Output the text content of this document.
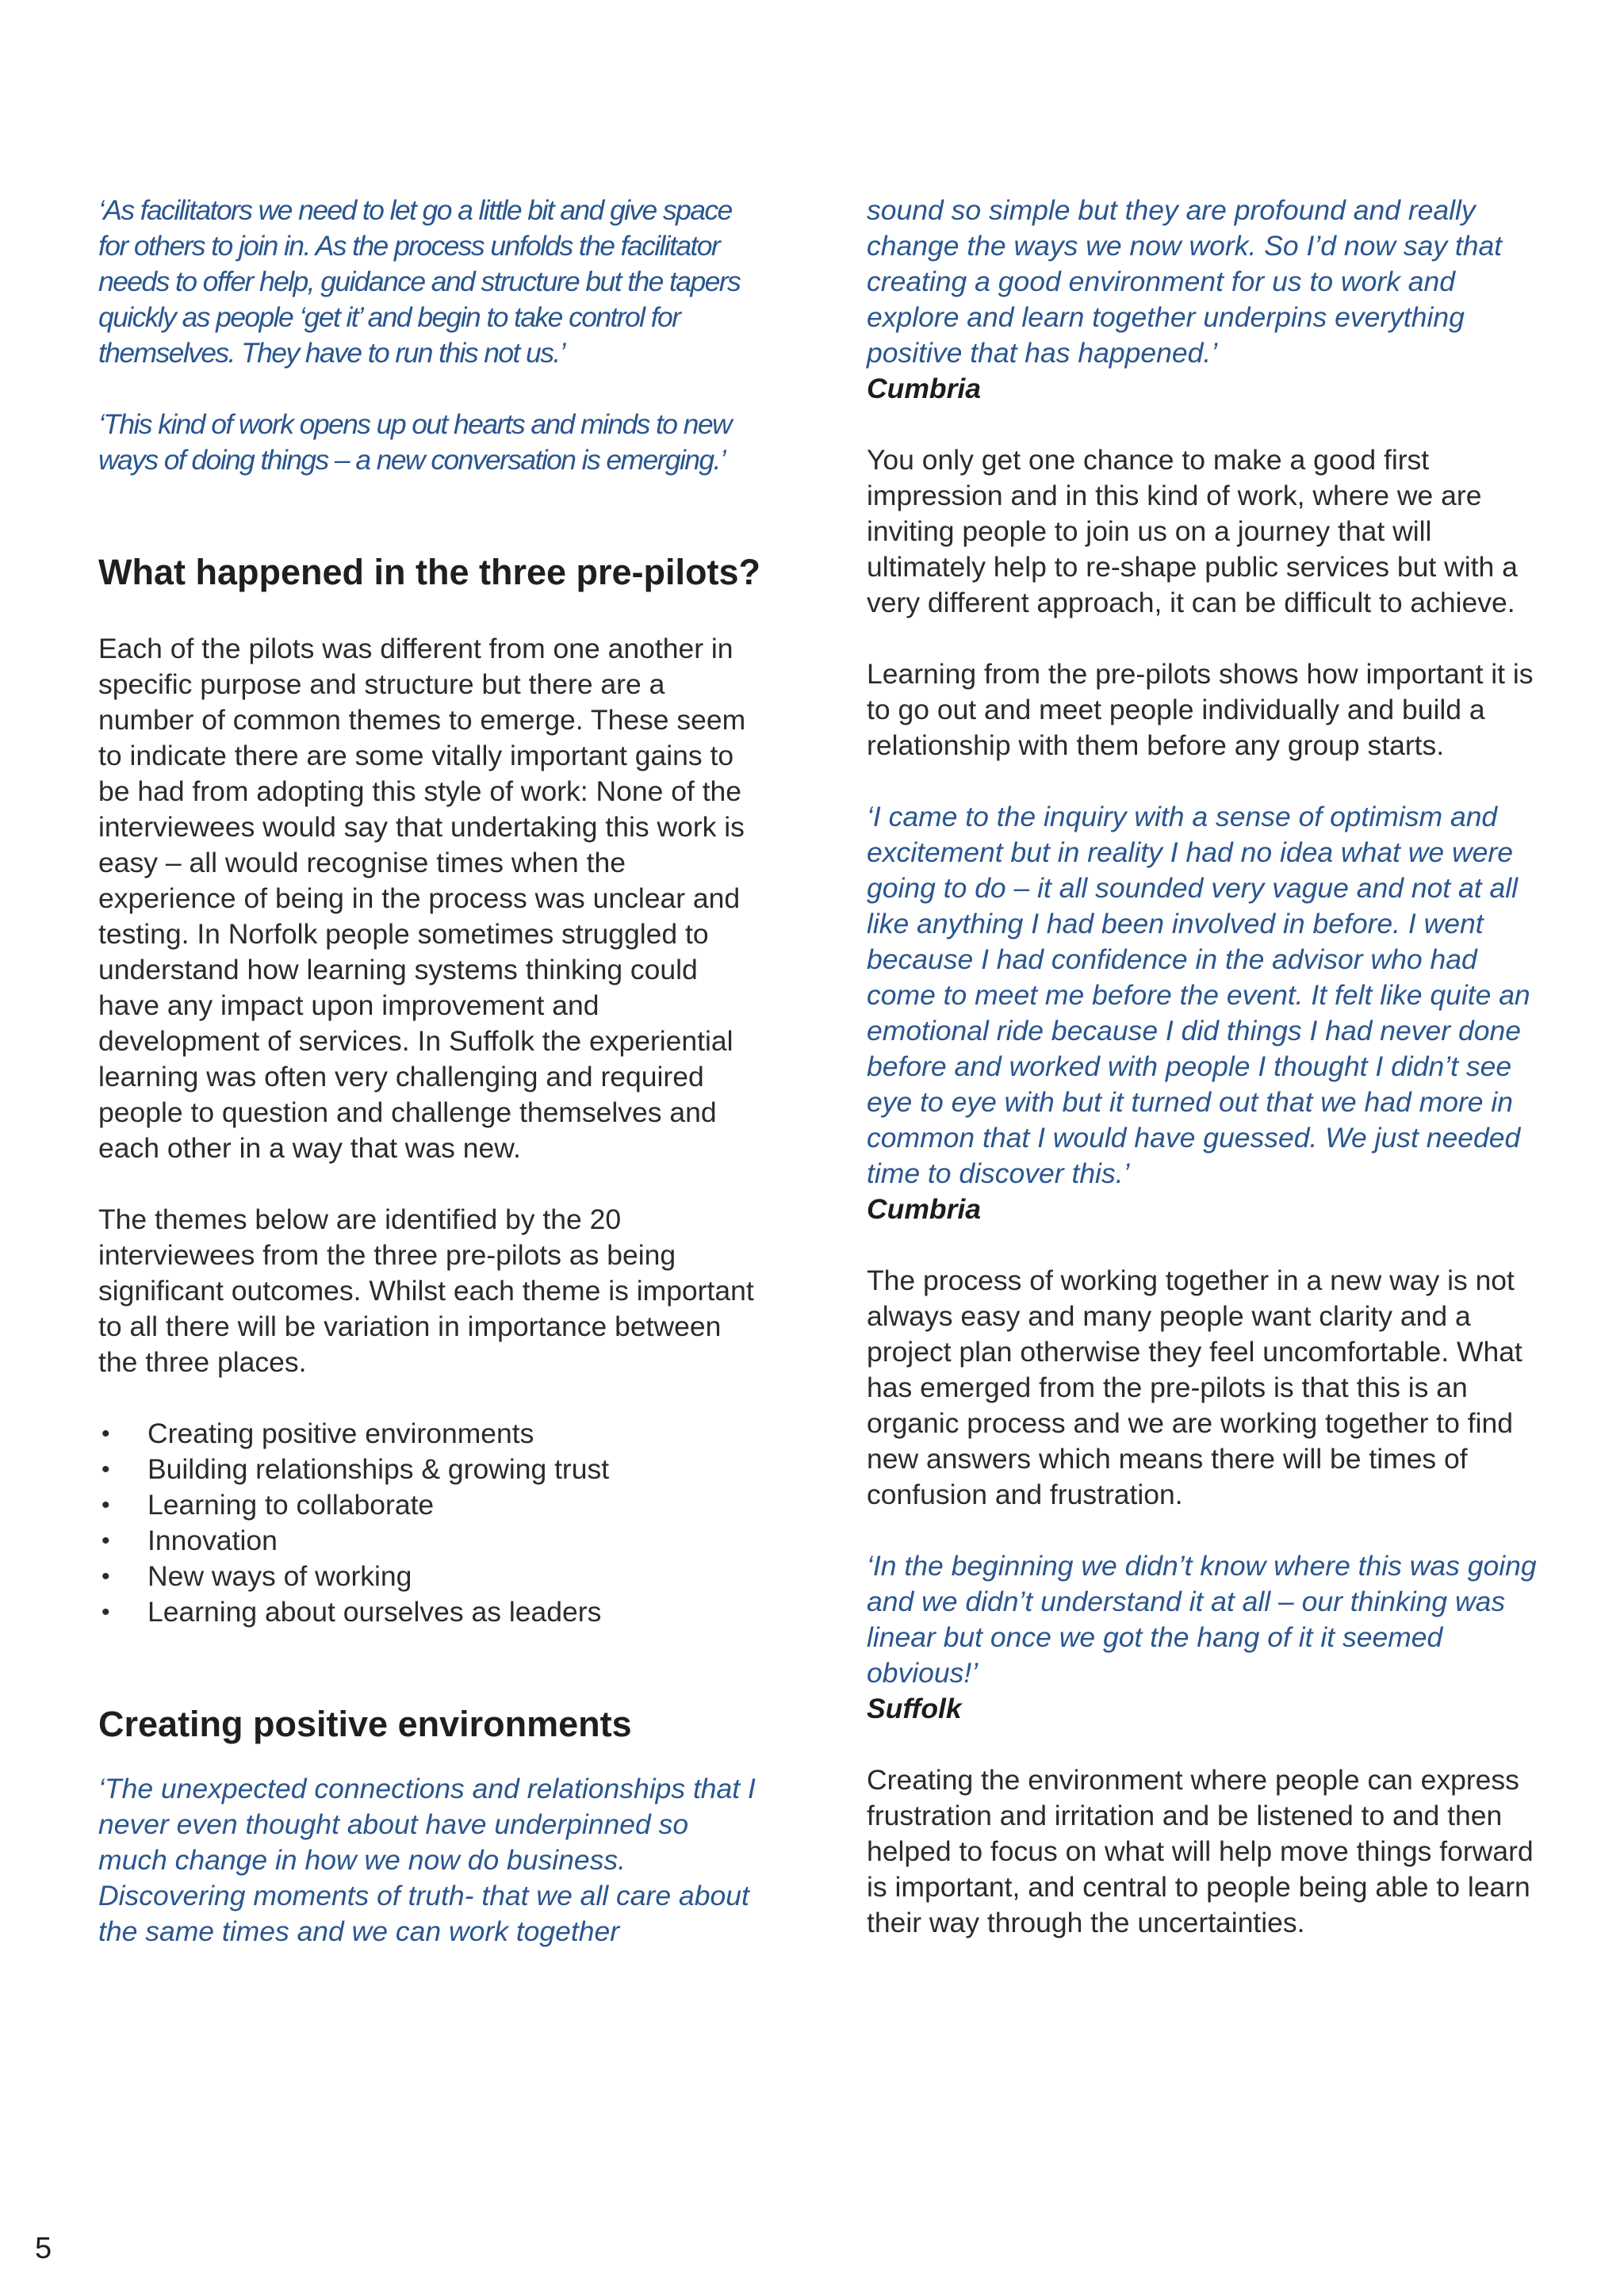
‘As facilitators we need to let go a little bit and give space for others to join in. As the process unfolds the facilitator needs to offer help, guidance and structure but the tapers quickly as people ‘get it’ and begin to take control for themselves. They have to run this not us.’

‘This kind of work opens up out hearts and minds to new ways of doing things – a new conversation is emerging.’

What happened in the three pre-pilots?

Each of the pilots was different from one another in specific purpose and structure but there are a number of common themes to emerge. These seem to indicate there are some vitally important gains to be had from adopting this style of work: None of the interviewees would say that undertaking this work is easy – all would recognise times when the experience of being in the process was unclear and testing. In Norfolk people sometimes struggled to understand how learning systems thinking could have any impact upon improvement and development of services. In Suffolk the experiential learning was often very challenging and required people to question and challenge themselves and each other in a way that was new.

The themes below are identified by the 20 interviewees from the three pre-pilots as being significant outcomes. Whilst each theme is important to all there will be variation in importance between the three places.

• Creating positive environments
• Building relationships & growing trust
• Learning to collaborate
• Innovation
• New ways of working
• Learning about ourselves as leaders
Creating positive environments

‘The unexpected connections and relationships that I never even thought about have underpinned so much change in how we now do business. Discovering moments of truth- that we all care about the same times and we can work together

sound so simple but they are profound and really change the ways we now work. So I’d now say that creating a good environment for us to work and explore and learn together underpins everything positive that has happened.’
Cumbria

You only get one chance to make a good first impression and in this kind of work, where we are inviting people to join us on a journey that will ultimately help to re-shape public services but with a very different approach, it can be difficult to achieve.

Learning from the pre-pilots shows how important it is to go out and meet people individually and build a relationship with them before any group starts.

‘I came to the inquiry with a sense of optimism and excitement but in reality I had no idea what we were going to do – it all sounded very vague and not at all like anything I had been involved in before. I went because I had confidence in the advisor who had come to meet me before the event. It felt like quite an emotional ride because I did things I had never done before and worked with people I thought I didn’t see eye to eye with but it turned out that we had more in common that I would have guessed. We just needed time to discover this.’
Cumbria

The process of working together in a new way is not always easy and many people want clarity and a project plan otherwise they feel uncomfortable. What has emerged from the pre-pilots is that this is an organic process and we are working together to find new answers which means there will be times of confusion and frustration.

‘In the beginning we didn’t know where this was going and we didn’t understand it at all – our thinking was linear but once we got the hang of it it seemed obvious!’
Suffolk

Creating the environment where people can express frustration and irritation and be listened to and then helped to focus on what will help move things forward is important, and central to people being able to learn their way through the uncertainties.

5
